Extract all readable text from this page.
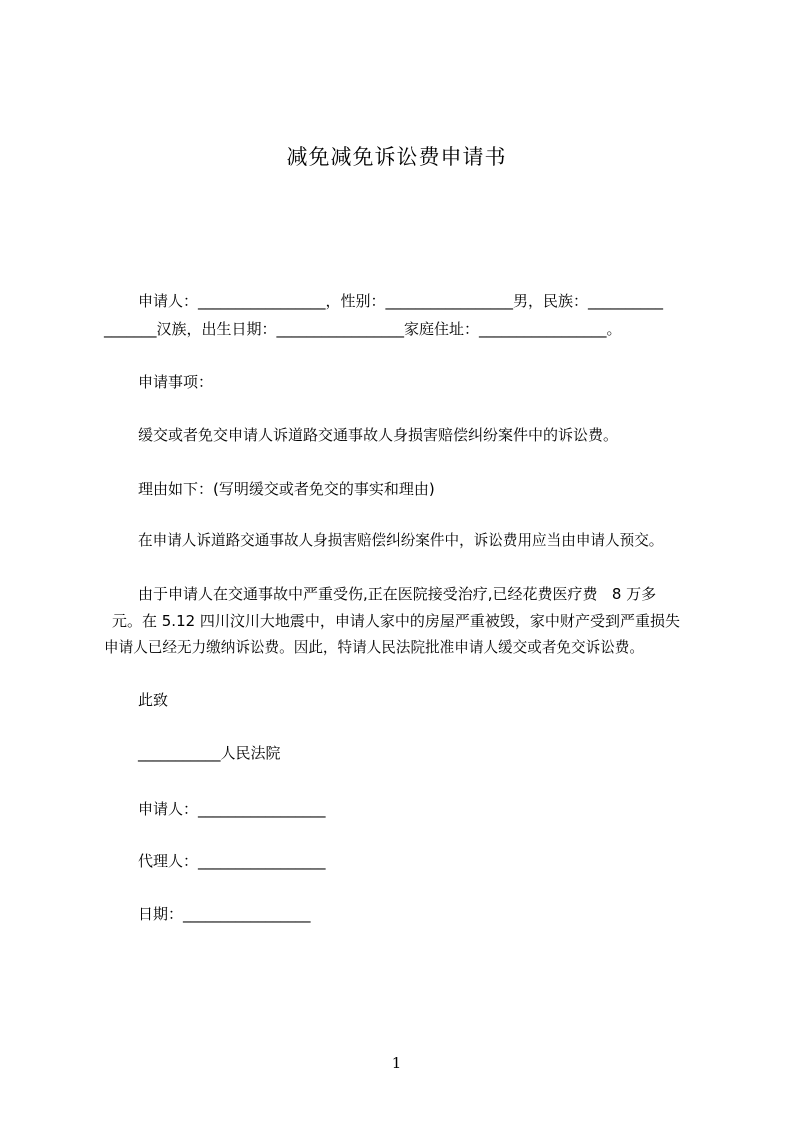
减免减免诉讼费申请书
申请人：_________________，性别：_________________男，民族：__________
_______汉族，出生日期：_________________家庭住址：_________________。
申请事项：
缓交或者免交申请人诉道路交通事故人身损害赔偿纠纷案件中的诉讼费。
理由如下：(写明缓交或者免交的事实和理由)
在申请人诉道路交通事故人身损害赔偿纠纷案件中，诉讼费用应当由申请人预交。
由于申请人在交通事故中严重受伤,正在医院接受治疗,已经花费医疗费   8 万多
元。在 5.12 四川汶川大地震中，申请人家中的房屋严重被毁，家中财产受到严重损失
申请人已经无力缴纳诉讼费。因此，特请人民法院批准申请人缓交或者免交诉讼费。
此致
___________人民法院
申请人：_________________
代理人：_________________
日期：_________________
1
